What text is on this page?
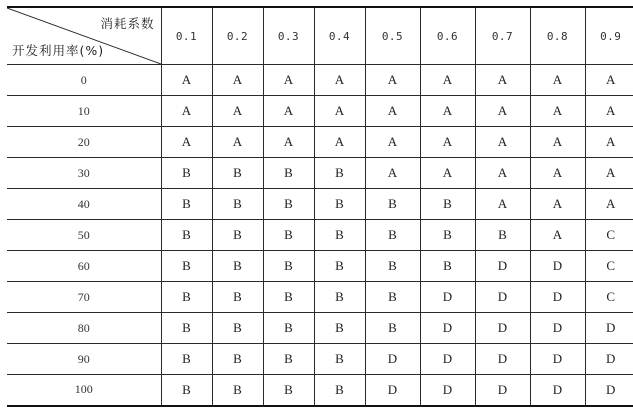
消耗系数
开发利用率(%)	0.1	0.2	0.3	0.4	0.5	0.6	0.7	0.8	0.9
0	A	A	A	A	A	A	A	A	A
10	A	A	A	A	A	A	A	A	A
20	A	A	A	A	A	A	A	A	A
30	B	B	B	B	A	A	A	A	A
40	B	B	B	B	B	B	A	A	A
50	B	B	B	B	B	B	B	A	C
60	B	B	B	B	B	B	D	D	C
70	B	B	B	B	B	D	D	D	C
80	B	B	B	B	B	D	D	D	D
90	B	B	B	B	D	D	D	D	D
100	B	B	B	B	D	D	D	D	D
